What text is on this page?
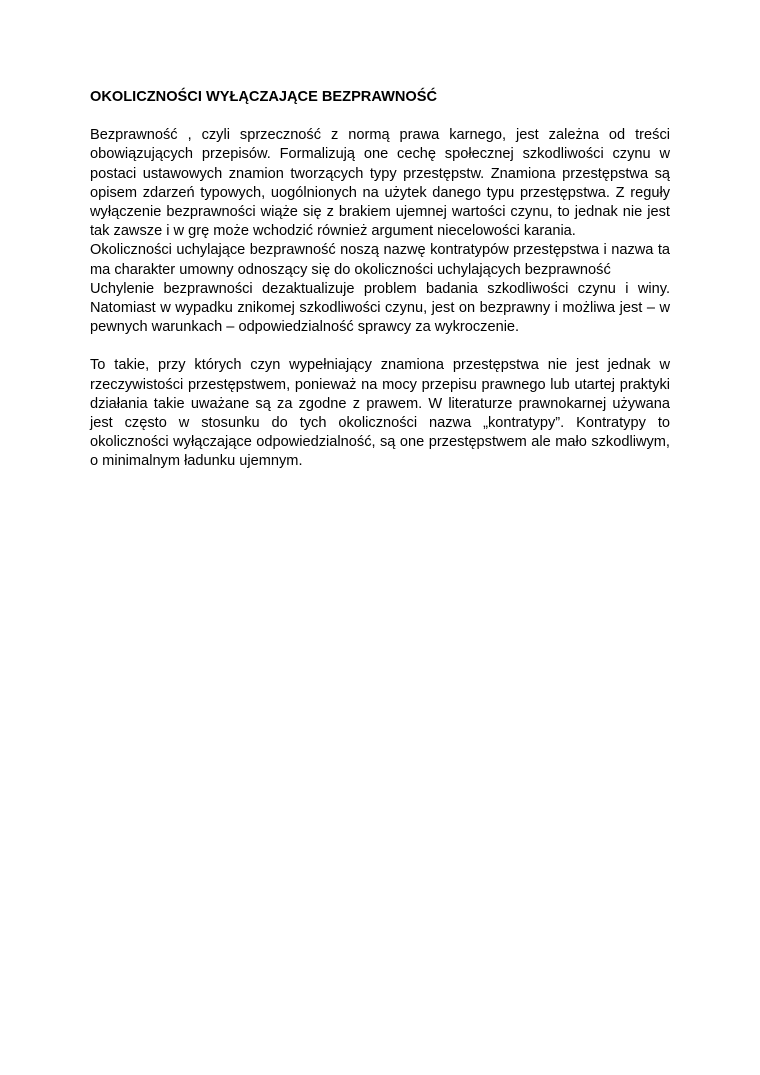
OKOLICZNOŚCI WYŁĄCZAJĄCE BEZPRAWNOŚĆ

Bezprawność , czyli sprzeczność z normą prawa karnego, jest zależna od treści obowiązujących przepisów. Formalizują one cechę społecznej szkodliwości czynu w postaci ustawowych znamion tworzących typy przestępstw. Znamiona przestępstwa są opisem zdarzeń typowych, uogólnionych na użytek danego typu przestępstwa. Z reguły wyłączenie bezprawności wiąże się z brakiem ujemnej wartości czynu, to jednak nie jest tak zawsze i w grę może wchodzić również argument niecelowości karania.

Okoliczności uchylające bezprawność noszą nazwę kontratypów przestępstwa i nazwa ta ma charakter umowny odnoszący się do okoliczności uchylających bezprawność

Uchylenie bezprawności dezaktualizuje problem badania szkodliwości czynu i winy. Natomiast w wypadku znikomej szkodliwości czynu, jest on bezprawny i możliwa jest – w pewnych warunkach – odpowiedzialność sprawcy za wykroczenie.

To takie, przy których czyn wypełniający znamiona przestępstwa nie jest jednak w rzeczywistości przestępstwem, ponieważ na mocy przepisu prawnego lub utartej praktyki działania takie uważane są za zgodne z prawem. W literaturze prawnokarnej używana jest często w stosunku do tych okoliczności nazwa „kontratypy”. Kontratypy to okoliczności wyłączające odpowiedzialność, są one przestępstwem ale mało szkodliwym, o minimalnym ładunku ujemnym.
